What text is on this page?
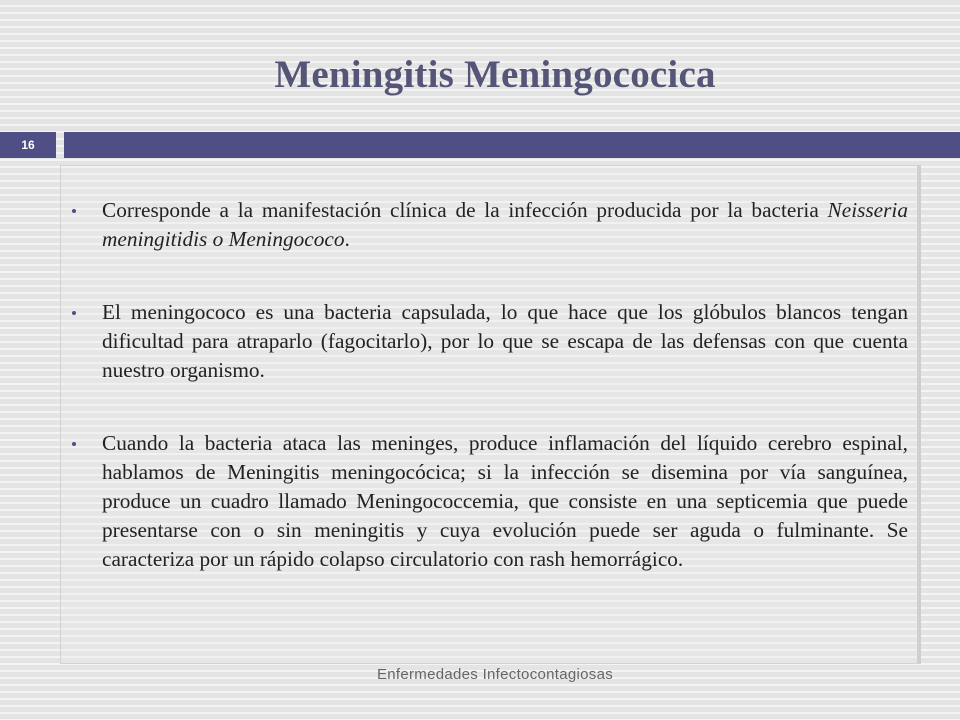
Meningitis Meningococica
16
Corresponde a la manifestación clínica de la infección producida por la bacteria Neisseria meningitidis o Meningococo.
El meningococo es una bacteria capsulada, lo que hace que los glóbulos blancos tengan dificultad para atraparlo (fagocitarlo), por lo que se escapa de las defensas con que cuenta nuestro organismo.
Cuando la bacteria ataca las meninges, produce inflamación del líquido cerebro espinal, hablamos de Meningitis meningocócica; si la infección se disemina por vía sanguínea, produce un cuadro llamado Meningococcemia, que consiste en una septicemia que puede presentarse con o sin meningitis y cuya evolución puede ser aguda o fulminante. Se caracteriza por un rápido colapso circulatorio con rash hemorrágico.
Enfermedades Infectocontagiosas
